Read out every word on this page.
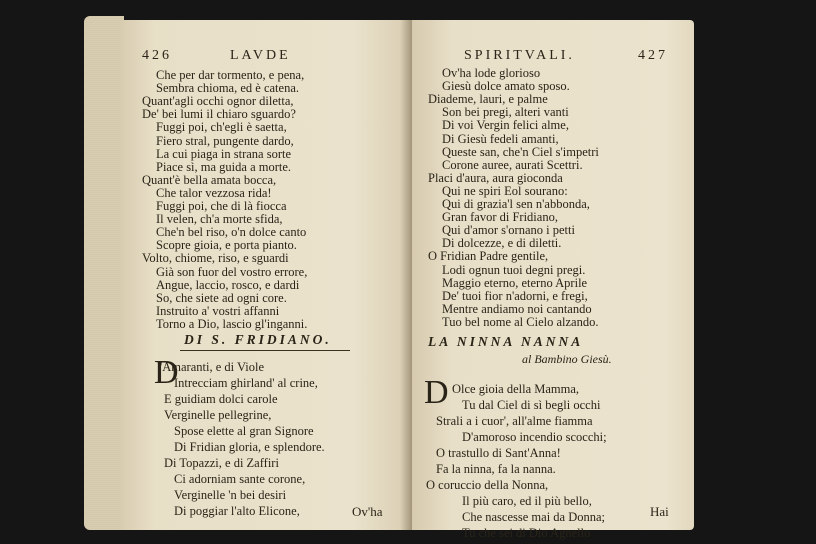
426	LAVDE
Che per dar tormento, e pena,
Sembra chioma, ed è catena.
Quant'agli occhi ognor diletta,
De' bei lumi il chiaro sguardo?
Fuggi poi, ch'egli è saetta,
Fiero stral, pungente dardo,
La cui piaga in strana sorte
Piace sì, ma guida a morte.
Quant'è bella amata bocca,
Che talor vezzosa rida!
Fuggi poi, che di là fiocca
Il velen, ch'a morte sfida,
Che'n bel riso, o'n dolce canto
Scopre gioia, e porta pianto.
Volto, chiome, riso, e sguardi
Già son fuor del vostro errore,
Angue, laccio, rosco, e dardi
So, che siete ad ogni core.
Instruito a' vostri affanni
Torno a Dio, lascio gl'inganni.
DI S. FRIDIANO.
D
'Amaranti, e di Viole
Intrecciam ghirland' al crine,
E guidiam dolci carole
Verginelle pellegrine,
Spose elette al gran Signore
Di Fridian gloria, e splendore.
Di Topazzi, e di Zaffiri
Ci adorniam sante corone,
Verginelle 'n bei desiri
Di poggiar l'alto Elicone,	Ov'ha
SPIRITVALI.	427
Ov'ha lode glorioso
Giesù dolce amato sposo.
Diademe, lauri, e palme
Son bei pregi, alteri vanti
Di voi Vergin felici alme,
Di Giesù fedeli amanti,
Queste san, che'n Ciel s'impetri
Corone auree, aurati Scettri.
Placi d'aura, aura gioconda
Qui ne spiri Eol sourano:
Qui di grazia'l sen n'abbonda,
Gran favor di Fridiano,
Qui d'amor s'ornano i petti
Di dolcezze, e di diletti.
O Fridian Padre gentile,
Lodi ognun tuoi degni pregi.
Maggio eterno, eterno Aprile
De' tuoi fior n'adorni, e fregi,
Mentre andiamo noi cantando
Tuo bel nome al Cielo alzando.
LA NINNA NANNA
al Bambino Giesù.
D Olce gioia della Mamma,
Tu dal Ciel di sì begli occhi
Strali a i cuor', all'alme fiamma
D'amoroso incendio scocchi;
O trastullo di Sant'Anna!
Fa la ninna, fa la nanna.
O coruccio della Nonna,
Il più caro, ed il più bello,
Che nascesse mai da Donna;
Tu che sei di Dio Agnello
Hai
